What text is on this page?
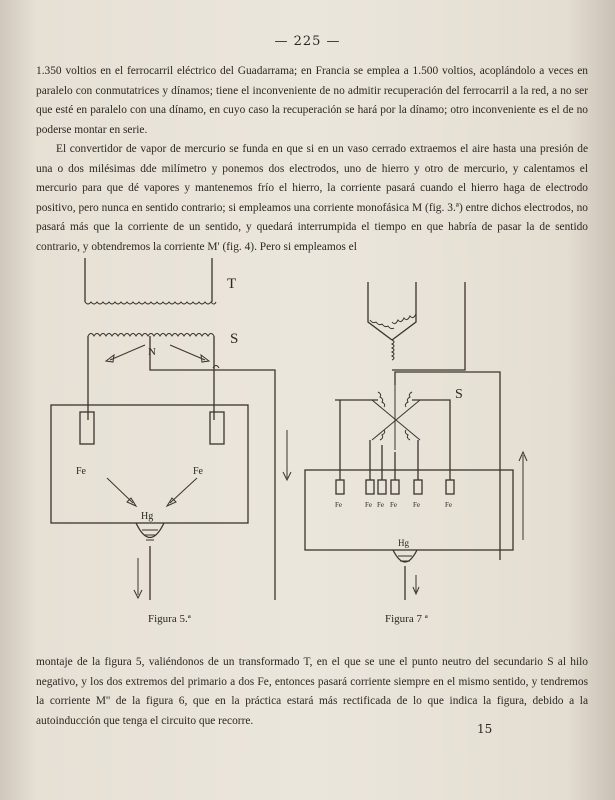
— 225 —

1.350 voltios en el ferrocarril eléctrico del Guadarrama; en Francia se emplea a 1.500 voltios, acoplándolo a veces en paralelo con conmutatrices y dínamos; tiene el inconveniente de no admitir recuperación del ferrocarril a la red, a no ser que esté en paralelo con una dínamo, en cuyo caso la recuperación se hará por la dínamo; otro inconveniente es el de no poderse montar en serie.

El convertidor de vapor de mercurio se funda en que si en un vaso cerrado extraemos el aire hasta una presión de una o dos milésimas dde milímetro y ponemos dos electrodos, uno de hierro y otro de mercurio, y calentamos el mercurio para que dé vapores y mantenemos frío el hierro, la corriente pasará cuando el hierro haga de electrodo positivo, pero nunca en sentido contrario; si empleamos una corriente monofásica M (fig. 3.ª) entre dichos electrodos, no pasará más que la corriente de un sentido, y quedará interrumpida el tiempo en que habría de pasar la de sentido contrario, y obtendremos la corriente M' (fig. 4). Pero si empleamos el

T
S
N
Fe	Fe
Hg
S
Fe	Fe Fe Fe Fe	Fe
Hg
Figura 5.ª	Figura 7 ª

montaje de la figura 5, valiéndonos de un transformado T, en el que se une el punto neutro del secundario S al hilo negativo, y los dos extremos del primario a dos Fe, entonces pasará corriente siempre en el mismo sentido, y tendremos la corriente M'' de la figura 6, que en la práctica estará más rectificada de lo que indica la figura, debido a la autoinducción que tenga el circuito que recorre.

15
